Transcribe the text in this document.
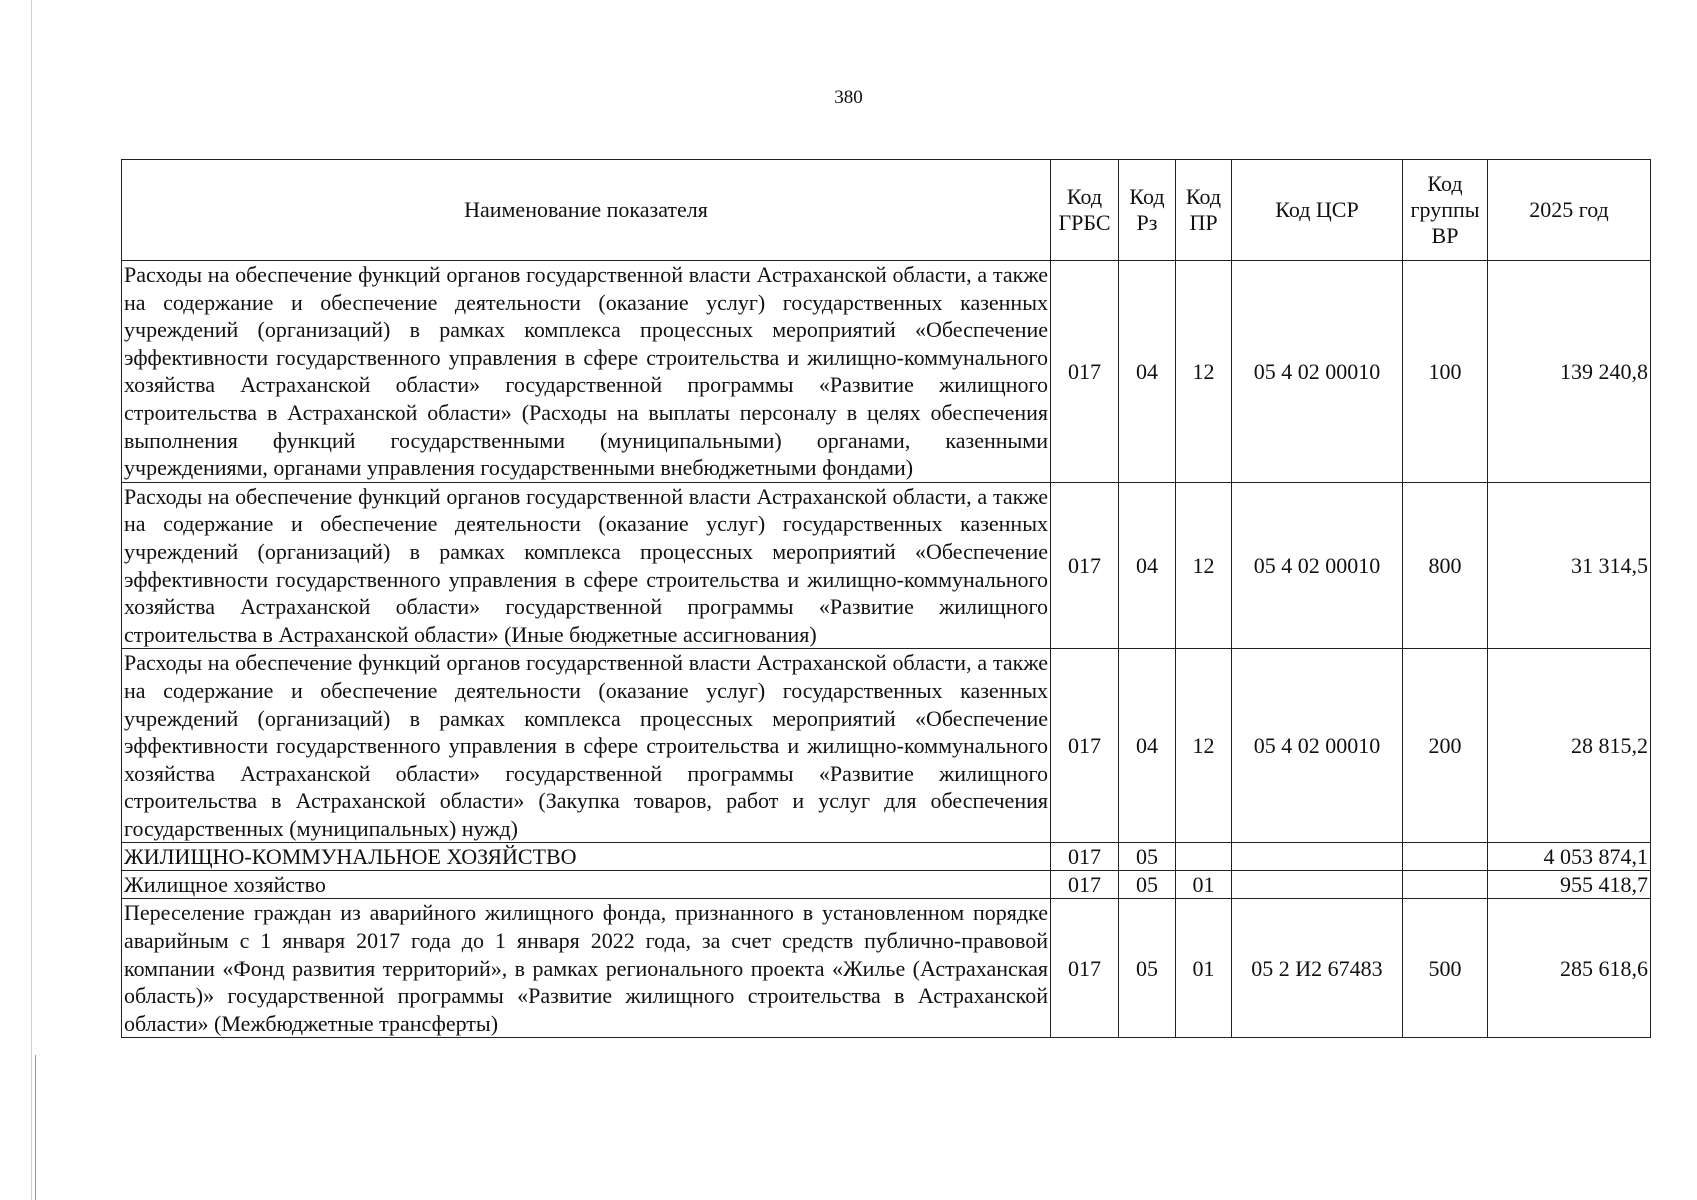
380
Наименование показателя	Код ГРБС	Код Рз	Код ПР	Код ЦСР	Код группы ВР	2025 год
Расходы на обеспечение функций органов государственной власти Астраханской области, а также на содержание и обеспечение деятельности (оказание услуг) государственных казенных учреждений (организаций) в рамках комплекса процессных мероприятий «Обеспечение эффективности государственного управления в сфере строительства и жилищно-коммунального хозяйства Астраханской области» государственной программы «Развитие жилищного строительства в Астраханской области» (Расходы на выплаты персоналу в целях обеспечения выполнения функций государственными (муниципальными) органами, казенными учреждениями, органами управления государственными внебюджетными фондами)	017	04	12	05 4 02 00010	100	139 240,8
Расходы на обеспечение функций органов государственной власти Астраханской области, а также на содержание и обеспечение деятельности (оказание услуг) государственных казенных учреждений (организаций) в рамках комплекса процессных мероприятий «Обеспечение эффективности государственного управления в сфере строительства и жилищно-коммунального хозяйства Астраханской области» государственной программы «Развитие жилищного строительства в Астраханской области» (Иные бюджетные ассигнования)	017	04	12	05 4 02 00010	800	31 314,5
Расходы на обеспечение функций органов государственной власти Астраханской области, а также на содержание и обеспечение деятельности (оказание услуг) государственных казенных учреждений (организаций) в рамках комплекса процессных мероприятий «Обеспечение эффективности государственного управления в сфере строительства и жилищно-коммунального хозяйства Астраханской области» государственной программы «Развитие жилищного строительства в Астраханской области» (Закупка товаров, работ и услуг для обеспечения государственных (муниципальных) нужд)	017	04	12	05 4 02 00010	200	28 815,2
ЖИЛИЩНО-КОММУНАЛЬНОЕ ХОЗЯЙСТВО	017	05				4 053 874,1
Жилищное хозяйство	017	05	01			955 418,7
Переселение граждан из аварийного жилищного фонда, признанного в установленном порядке аварийным с 1 января 2017 года до 1 января 2022 года, за счет средств публично-правовой компании «Фонд развития территорий», в рамках регионального проекта «Жилье (Астраханская область)» государственной программы «Развитие жилищного строительства в Астраханской области» (Межбюджетные трансферты)	017	05	01	05 2 И2 67483	500	285 618,6
